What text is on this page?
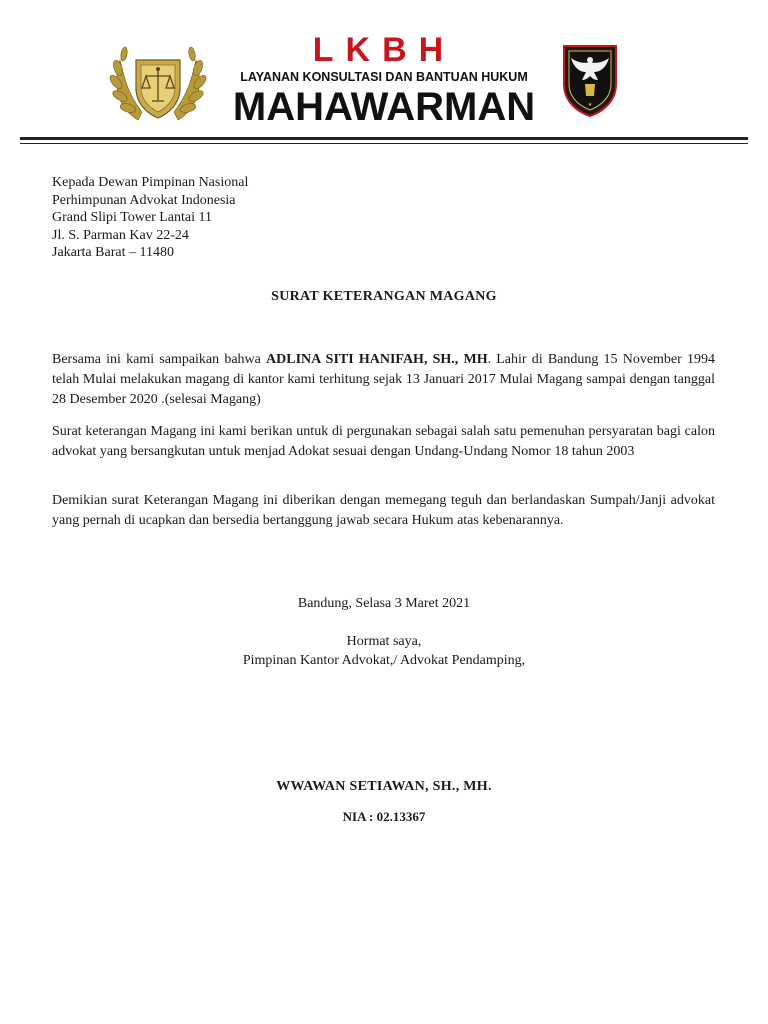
LKBH
LAYANAN KONSULTASI DAN BANTUAN HUKUM
MAHAWARMAN	★
Kepada Dewan Pimpinan Nasional
Perhimpunan Advokat Indonesia
Grand Slipi Tower Lantai 11
Jl. S. Parman Kav 22-24
Jakarta Barat – 11480
SURAT KETERANGAN MAGANG

Bersama ini kami sampaikan bahwa ADLINA SITI HANIFAH, SH., MH. Lahir di Bandung 15 November 1994 telah Mulai melakukan magang di kantor kami terhitung sejak 13 Januari 2017 Mulai Magang sampai dengan tanggal 28 Desember 2020 .(selesai Magang)

Surat keterangan Magang ini kami berikan untuk di pergunakan sebagai salah satu pemenuhan persyaratan bagi calon advokat yang bersangkutan untuk menjad Adokat sesuai dengan Undang-Undang Nomor 18 tahun 2003

Demikian surat Keterangan Magang ini diberikan dengan memegang teguh dan berlandaskan Sumpah/Janji advokat yang pernah di ucapkan dan bersedia bertanggung jawab secara Hukum atas kebenarannya.

Bandung, Selasa 3 Maret 2021
Hormat saya,
Pimpinan Kantor Advokat,/ Advokat Pendamping,
WWAWAN SETIAWAN, SH., MH.
NIA : 02.13367
